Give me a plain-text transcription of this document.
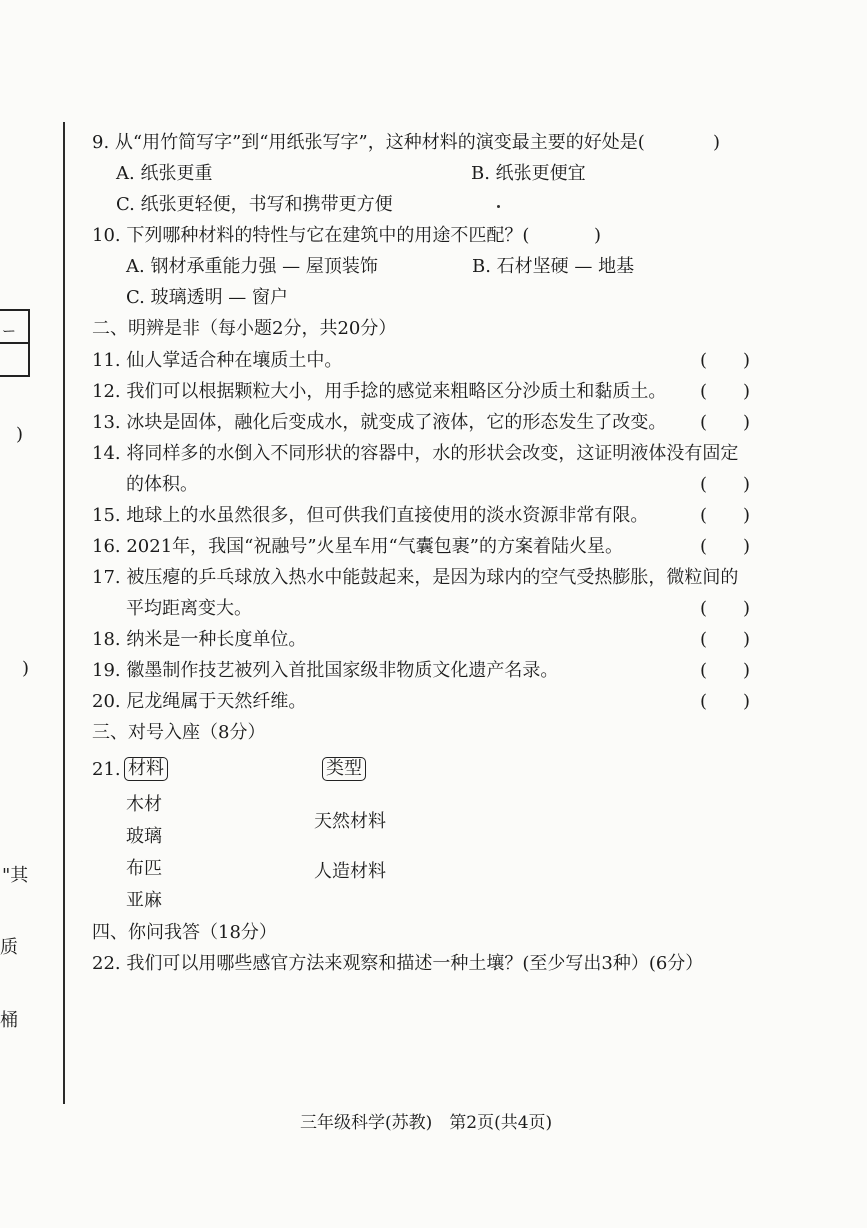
ー
)
)
"其
质
桶
9. 从“用竹简写字”到“用纸张写字”，这种材料的演变最主要的好处是(	)
A. 纸张更重	B. 纸张更便宜
C. 纸张更轻便，书写和携带更方便
10. 下列哪种材料的特性与它在建筑中的用途不匹配？(	)
A. 钢材承重能力强 — 屋顶装饰	B. 石材坚硬 — 地基
C. 玻璃透明 — 窗户
二、明辨是非（每小题2分，共20分）
11. 仙人掌适合种在壤质土中。	(　　)
12. 我们可以根据颗粒大小，用手捻的感觉来粗略区分沙质土和黏质土。 (　　)
13. 冰块是固体，融化后变成水，就变成了液体，它的形态发生了改变。 (　　)
14. 将同样多的水倒入不同形状的容器中，水的形状会改变，这证明液体没有固定
的体积。	(　　)
15. 地球上的水虽然很多，但可供我们直接使用的淡水资源非常有限。	(　　)
16. 2021年，我国“祝融号”火星车用“气囊包裹”的方案着陆火星。	(　　)
17. 被压瘪的乒乓球放入热水中能鼓起来，是因为球内的空气受热膨胀，微粒间的
平均距离变大。	(　　)
18. 纳米是一种长度单位。	(　　)
19. 徽墨制作技艺被列入首批国家级非物质文化遗产名录。	(　　)
20. 尼龙绳属于天然纤维。	(　　)
三、对号入座（8分）
21. 材料	类型
木材
玻璃
布匹
亚麻
天然材料
人造材料
四、你问我答（18分）
22. 我们可以用哪些感官方法来观察和描述一种土壤？(至少写出3种）(6分）
三年级科学(苏教)　第2页(共4页)
